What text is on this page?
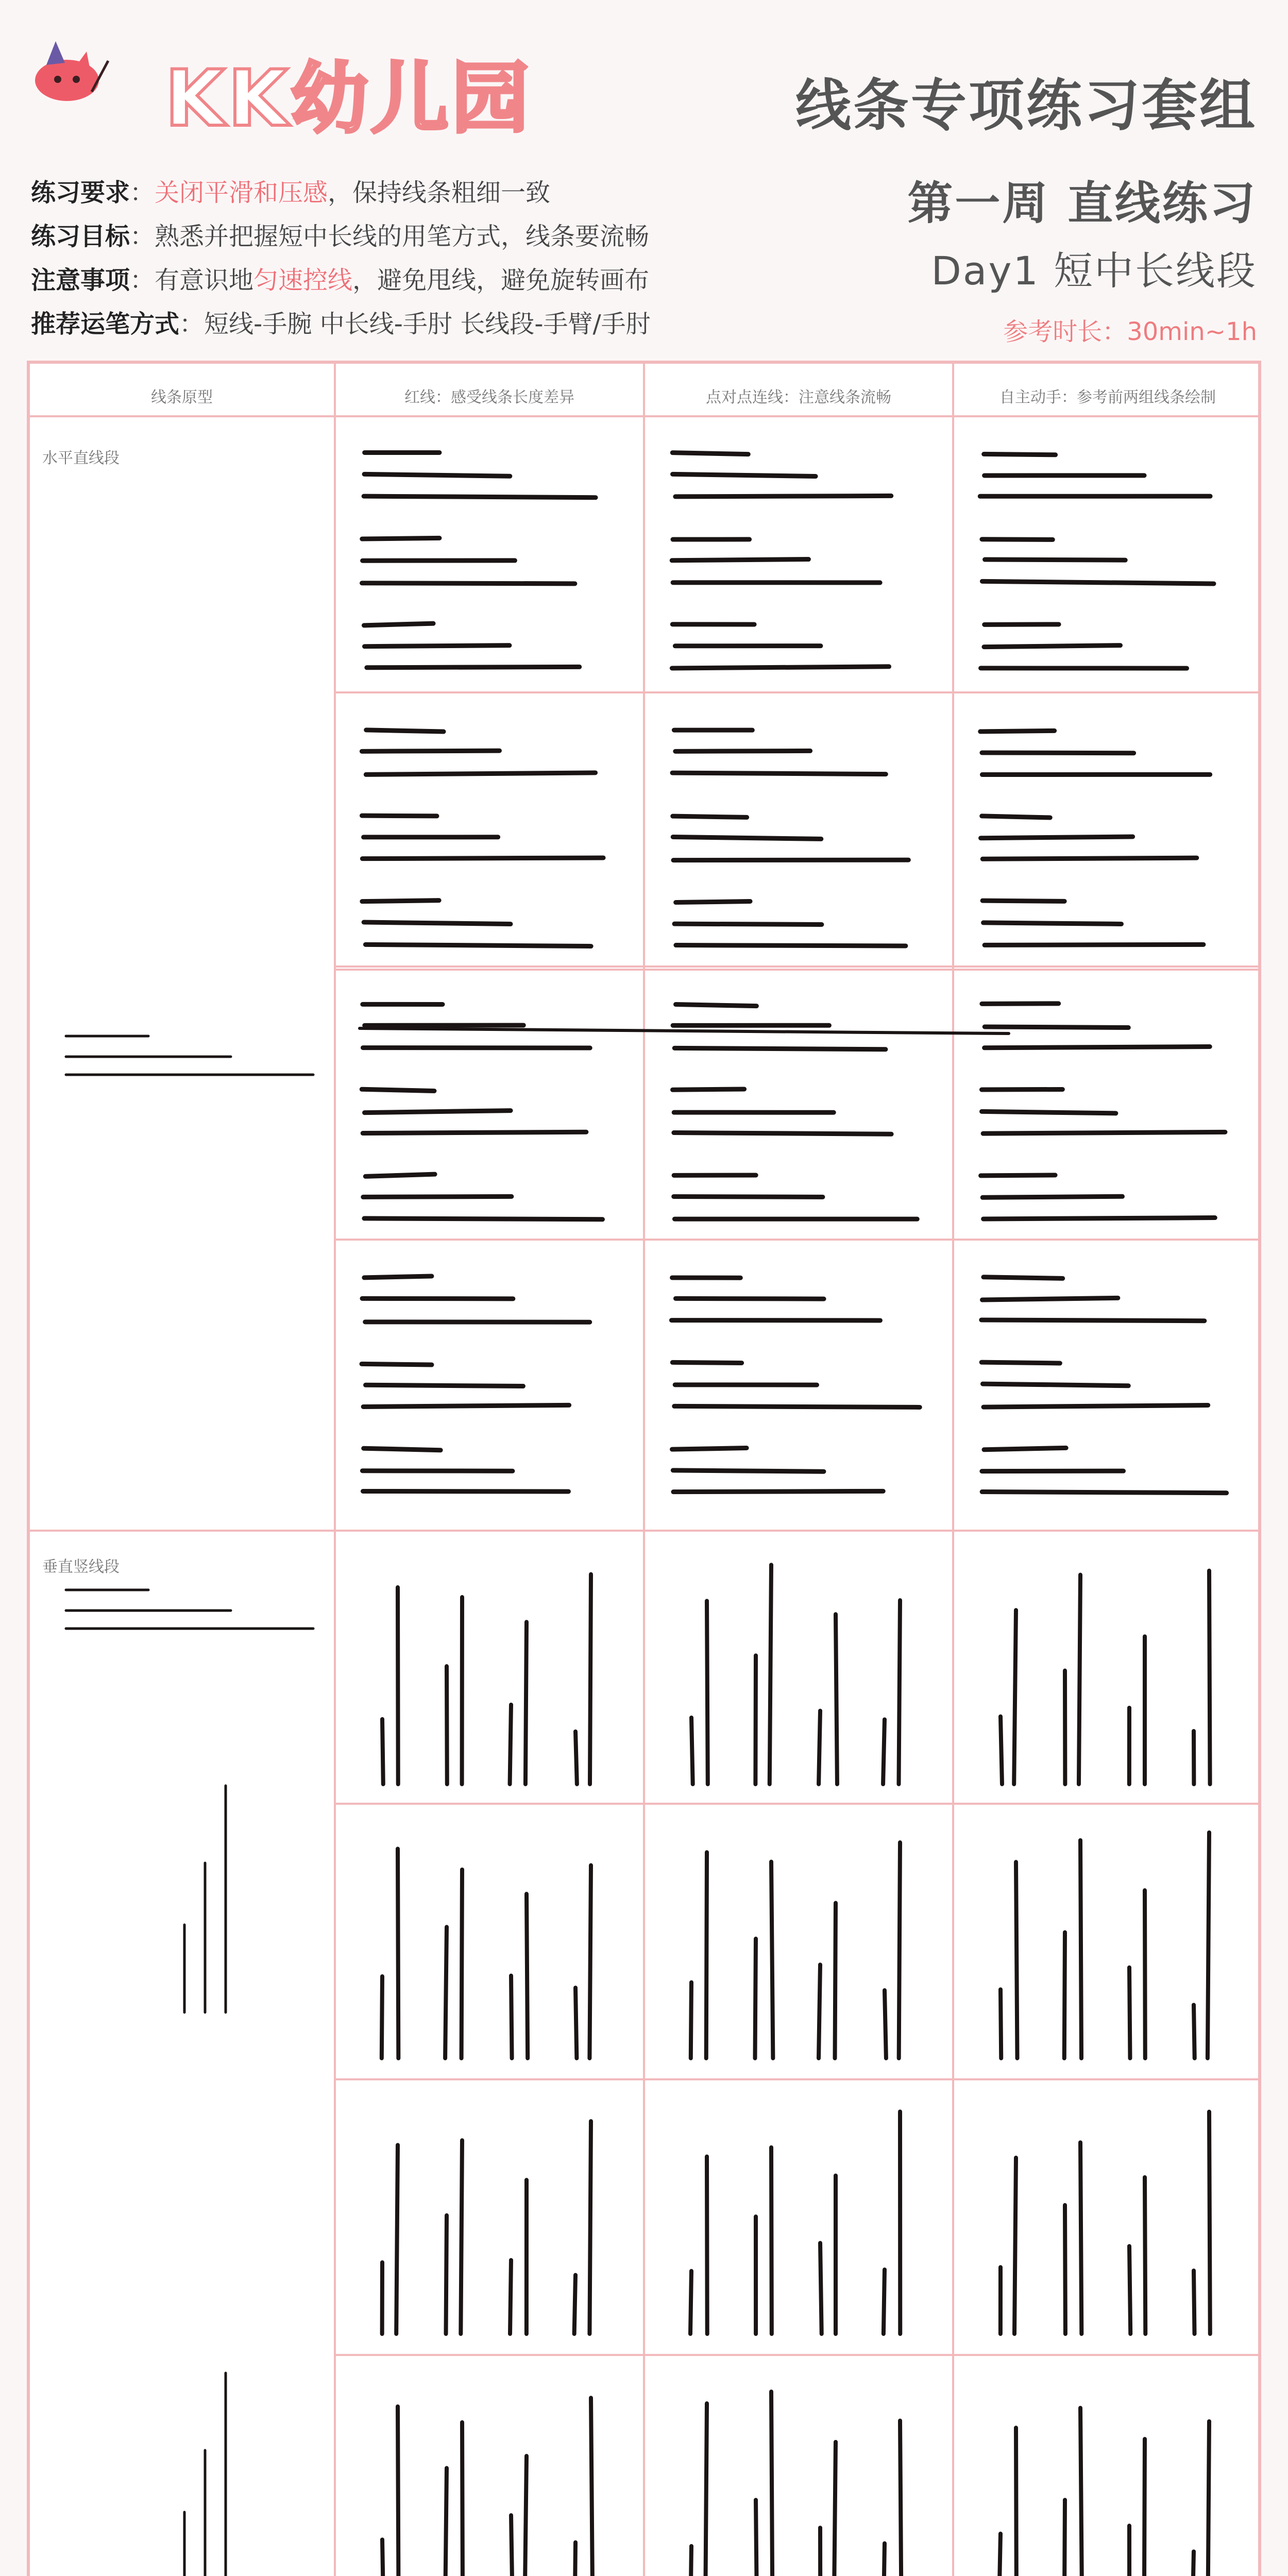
KK幼儿园	线条专项练习套组
练习要求：关闭平滑和压感，保持线条粗细一致
练习目标：熟悉并把握短中长线的用笔方式，线条要流畅
注意事项：有意识地匀速控线，避免甩线，避免旋转画布
推荐运笔方式：短线-手腕 中长线-手肘 长线段-手臂/手肘
第一周 直线练习
Day1 短中长线段
参考时长：30min~1h
线条原型	红线：感受线条长度差异	点对点连线：注意线条流畅	自主动手：参考前两组线条绘制
水平直线段
垂直竖线段
